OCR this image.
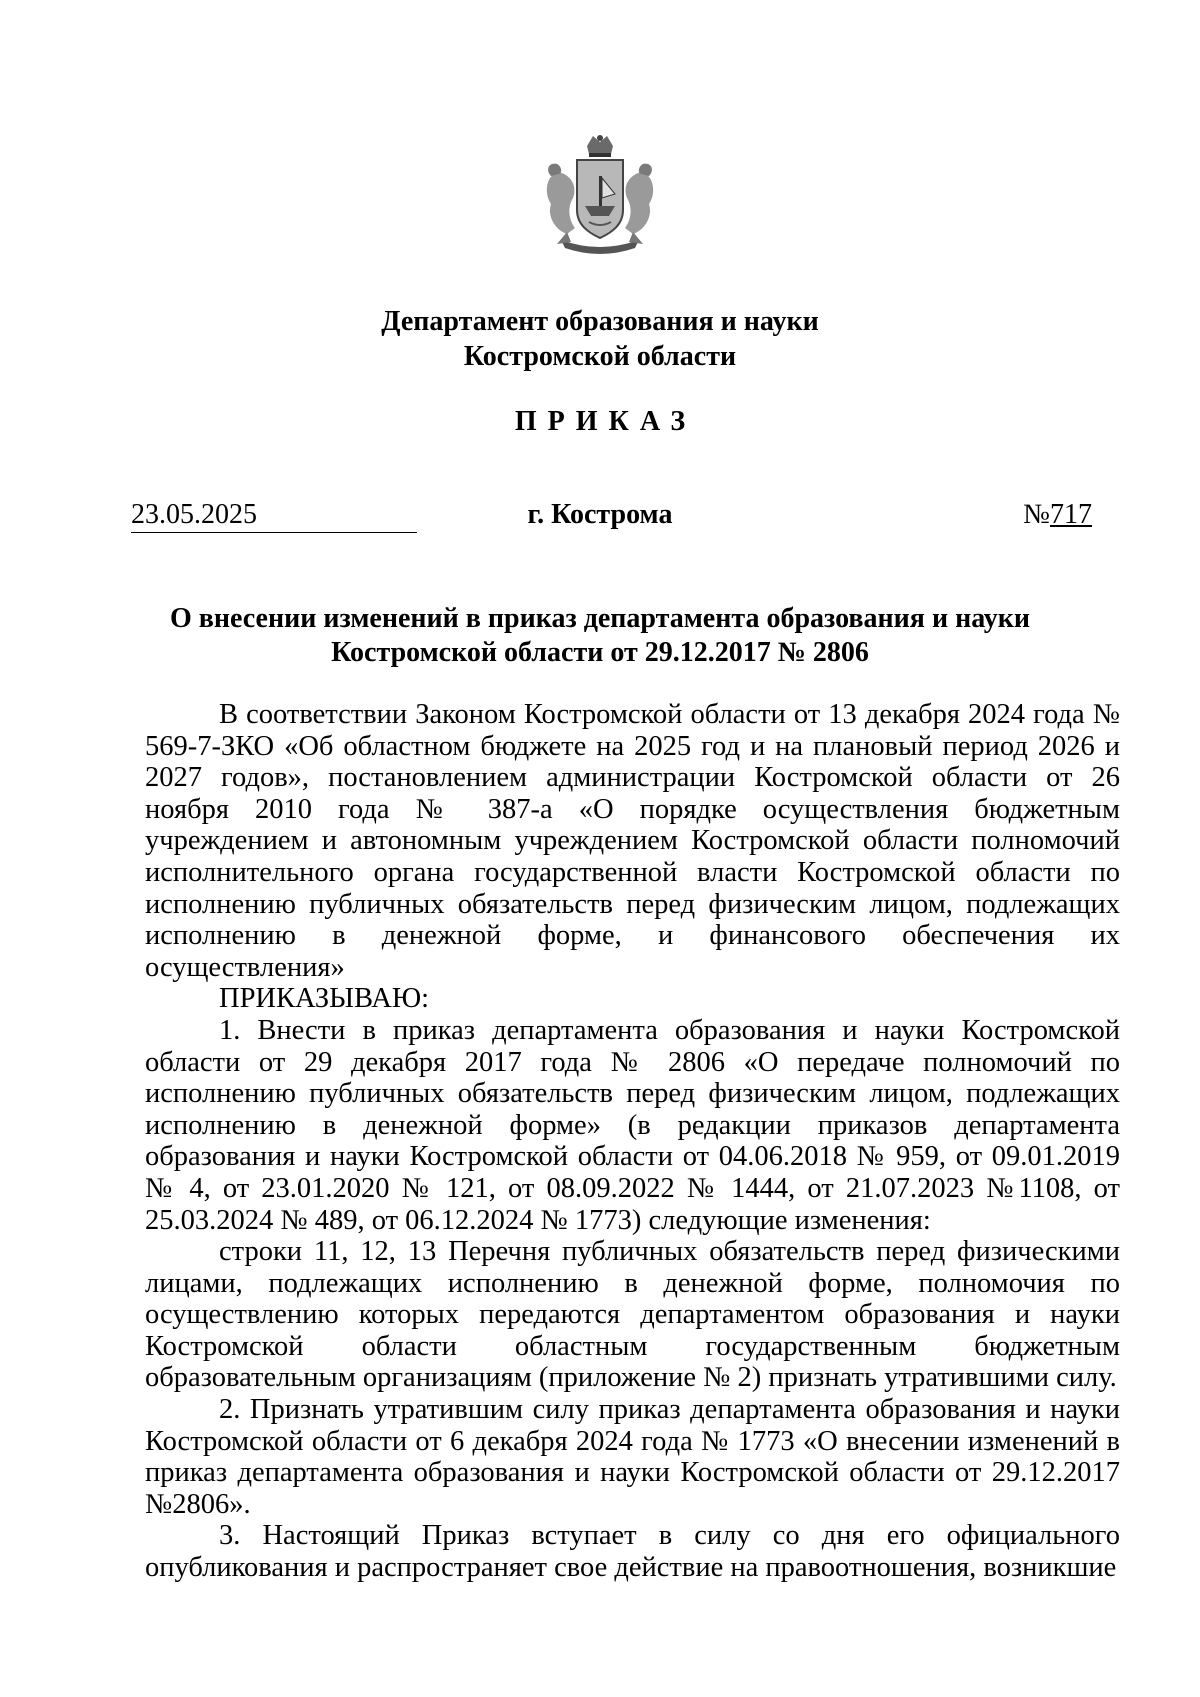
Департамент образования и науки
Костромской области
ПРИКАЗ
23.05.2025	г. Кострома	№717
О внесении изменений в приказ департамента образования и науки
Костромской области от 29.12.2017 № 2806

В соответствии Законом Костромской области от 13 декабря 2024 года № 569-7-ЗКО «Об областном бюджете на 2025 год и на плановый период 2026 и 2027 годов», постановлением администрации Костромской области от 26 ноября 2010 года № 387-а «О порядке осуществления бюджетным учреждением и автономным учреждением Костромской области полномочий исполнительного органа государственной власти Костромской области по исполнению публичных обязательств перед физическим лицом, подлежащих исполнению в денежной форме, и финансового обеспечения их осуществления»

ПРИКАЗЫВАЮ:

1. Внести в приказ департамента образования и науки Костромской области от 29 декабря 2017 года № 2806 «О передаче полномочий по исполнению публичных обязательств перед физическим лицом, подлежащих исполнению в денежной форме» (в редакции приказов департамента образования и науки Костромской области от 04.06.2018 № 959, от 09.01.2019 № 4, от 23.01.2020 № 121, от 08.09.2022 № 1444, от 21.07.2023 №1108, от 25.03.2024 № 489, от 06.12.2024 № 1773) следующие изменения:

строки 11, 12, 13 Перечня публичных обязательств перед физическими лицами, подлежащих исполнению в денежной форме, полномочия по осуществлению которых передаются департаментом образования и науки Костромской области областным государственным бюджетным образовательным организациям (приложение № 2) признать утратившими силу.

2. Признать утратившим силу приказ департамента образования и науки Костромской области от 6 декабря 2024 года № 1773 «О внесении изменений в приказ департамента образования и науки Костромской области от 29.12.2017 №2806».

3. Настоящий Приказ вступает в силу со дня его официального опубликования и распространяет свое действие на правоотношения, возникшие
